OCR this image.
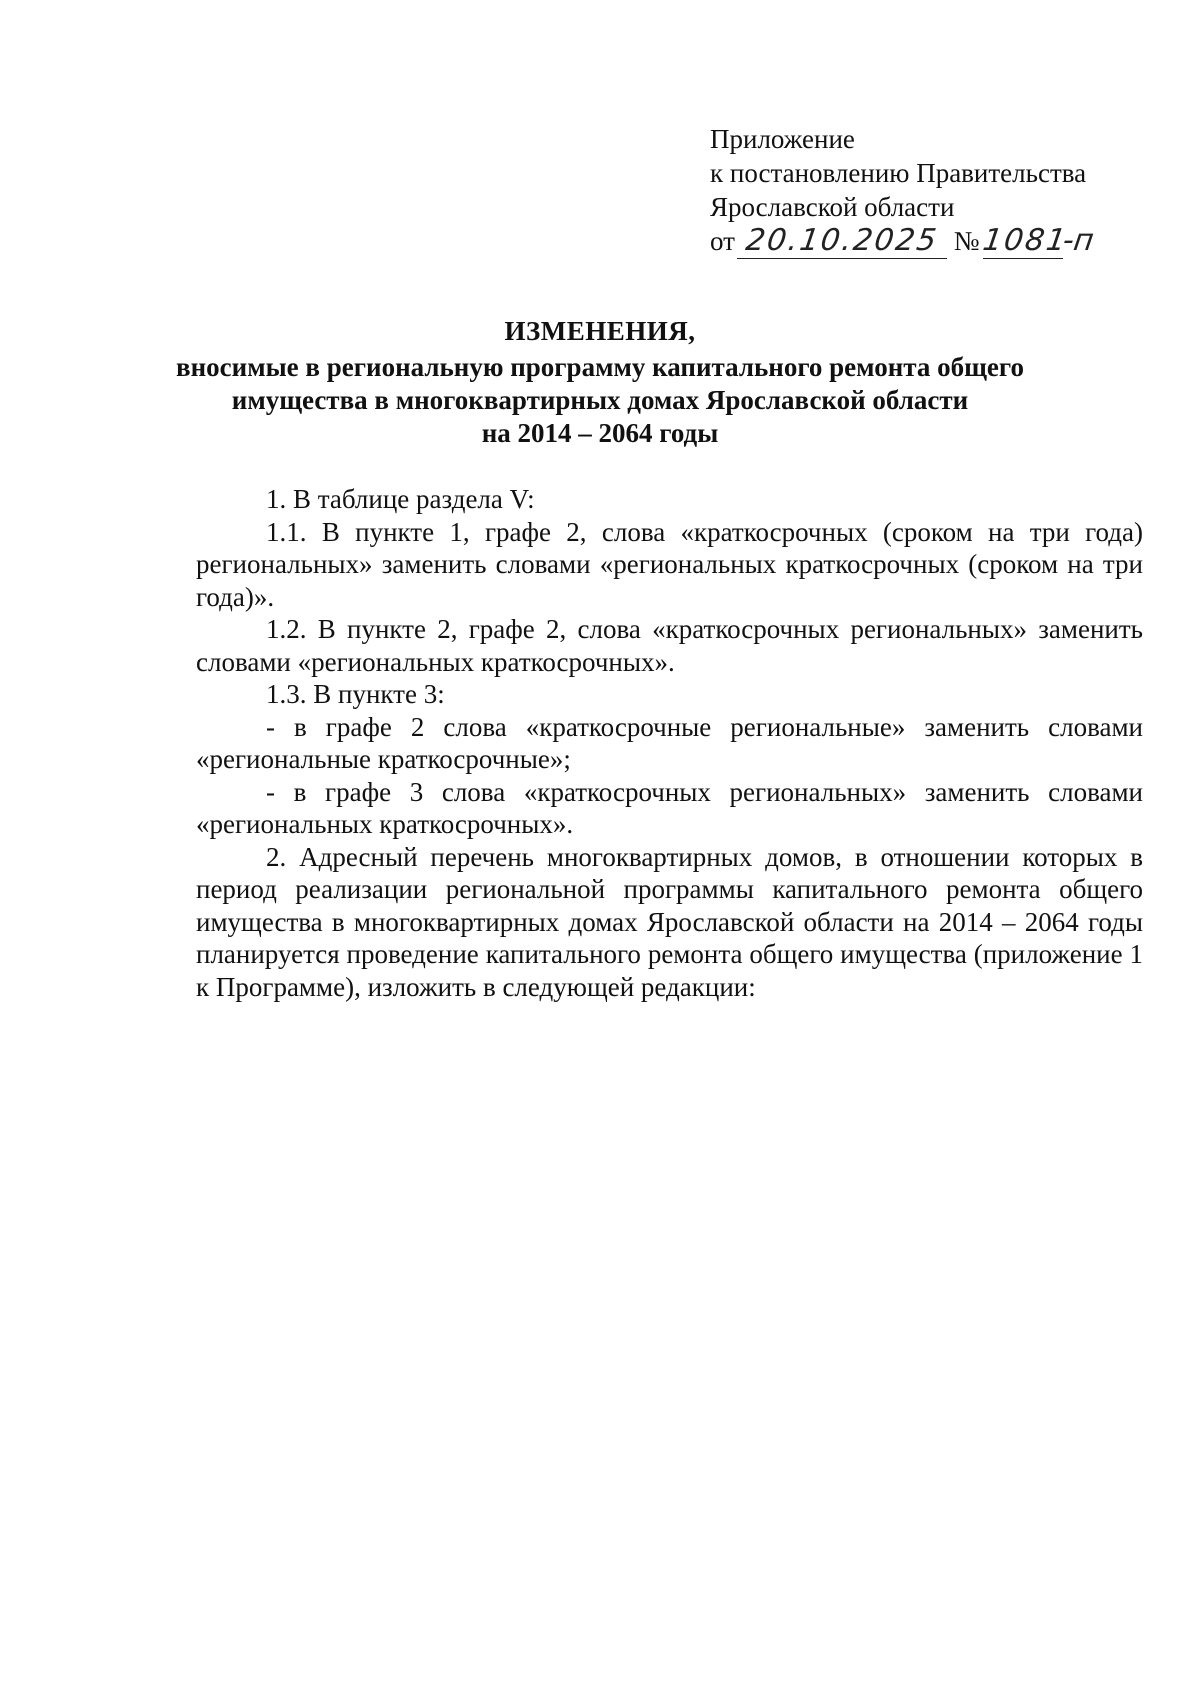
Приложение
к постановлению Правительства
Ярославской области
от 20.10.2025 №1081-п
ИЗМЕНЕНИЯ,
вносимые в региональную программу капитального ремонта общего
имущества в многоквартирных домах Ярославской области
на 2014 – 2064 годы

1. В таблице раздела V:

1.1. В пункте 1, графе 2, слова «краткосрочных (сроком на три года) региональных» заменить словами «региональных краткосрочных (сроком на три года)».

1.2. В пункте 2, графе 2, слова «краткосрочных региональных» заменить словами «региональных краткосрочных».

1.3. В пункте 3:

- в графе 2 слова «краткосрочные региональные» заменить словами «региональные краткосрочные»;

- в графе 3 слова «краткосрочных региональных» заменить словами «региональных краткосрочных».

2. Адресный перечень многоквартирных домов, в отношении которых в период реализации региональной программы капитального ремонта общего имущества в многоквартирных домах Ярославской области на 2014 – 2064 годы планируется проведение капитального ремонта общего имущества (приложение 1 к Программе), изложить в следующей редакции:
